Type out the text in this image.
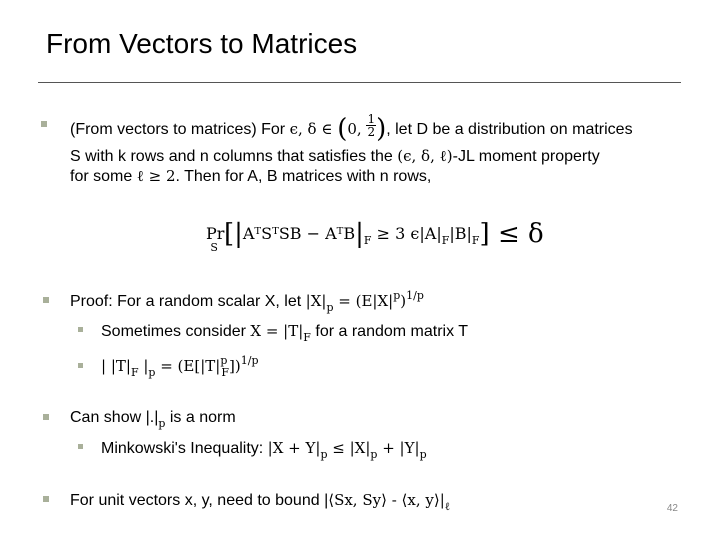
From Vectors to Matrices
(From vectors to matrices) For ϵ, δ ∈ (0, $\frac{1}{2}$ ), let D be a distribution on matrices
S with k rows and n columns that satisfies the (ϵ, δ, ℓ)-JL moment property
for some ℓ ≥ 2. Then for A, B matrices with n rows,
$Pr_S$ [|AᵀSᵀSB − $AᵀB|_F \ge 3$ $\epsilon|A|_F|B|_F] \le \delta$
Proof: For a random scalar X, let $|X|_p = (E|X|^p)^{1/p}$
Sometimes consider $X = |T|_F$ for a random matrix T
| $|T|_F$ $|_p = (E[|T|^p_F])^{1/p}$
Can show $|.|_p$ is a norm
Minkowski's Inequality: $|X + Y|_p \le |X|_p + |Y|_p$
For unit vectors x, y, need to bound |⟨Sx, Sy⟩ - ⟨x, $y⟩|_\ell$	42
